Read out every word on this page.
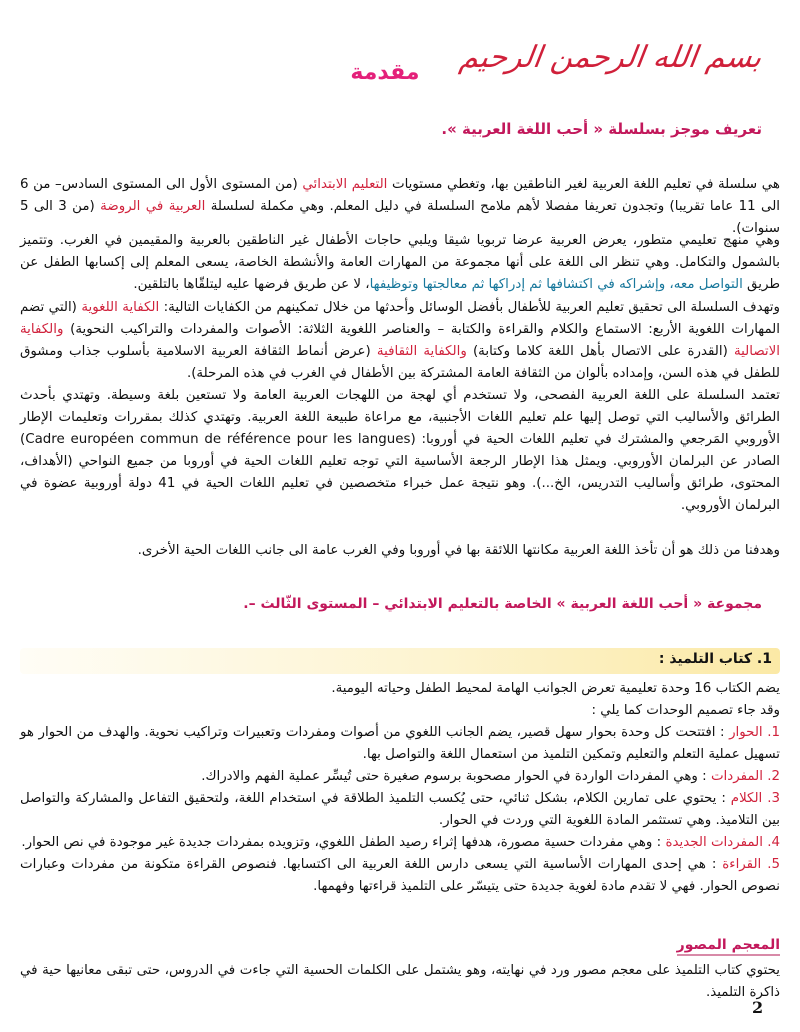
بسم الله الرحمن الرحيم
مقدمة
تعريف موجز بسلسلة « أحب اللغة العربية ».
هي سلسلة في تعليم اللغة العربية لغير الناطقين بها، وتغطي مستويات التعليم الابتدائي (من المستوى الأول الى المستوى السادس– من 6 الى 11 عاما تقريبا) وتجدون تعريفا مفصلا لأهم ملامح السلسلة في دليل المعلم. وهي مكملة لسلسلة العربية في الروضة (من 3 الى 5 سنوات).
وهي منهج تعليمي متطور، يعرض العربية عرضا تربويا شيقا ويلبي حاجات الأطفال غير الناطقين بالعربية والمقيمين في الغرب. وتتميز بالشمول والتكامل. وهي تنظر الى اللغة على أنها مجموعة من المهارات العامة والأنشطة الخاصة، يسعى المعلم إلى إكسابها الطفل عن طريق التواصل معه، وإشراكه في اكتشافها ثم إدراكها ثم معالجتها وتوظيفها، لا عن طريق فرضها عليه ليتلقّاها بالتلقين.
وتهدف السلسلة الى تحقيق تعليم العربية للأطفال بأفضل الوسائل وأحدثها من خلال تمكينهم من الكفايات التالية: الكفاية اللغوية (التي تضم المهارات اللغوية الأربع: الاستماع والكلام والقراءة والكتابة – والعناصر اللغوية الثلاثة: الأصوات والمفردات والتراكيب النحوية) والكفاية الاتصالية (القدرة على الاتصال بأهل اللغة كلاما وكتابة) والكفاية الثقافية (عرض أنماط الثقافة العربية الاسلامية بأسلوب جذاب ومشوق للطفل في هذه السن، وإمداده بألوان من الثقافة العامة المشتركة بين الأطفال في الغرب في هذه المرحلة).
تعتمد السلسلة على اللغة العربية الفصحى، ولا تستخدم أي لهجة من اللهجات العربية العامة ولا تستعين بلغة وسيطة. وتهتدي بأحدث الطرائق والأساليب التي توصل إليها علم تعليم اللغات الأجنبية، مع مراعاة طبيعة اللغة العربية. وتهتدي كذلك بمقررات وتعليمات الإطار الأوروبي المَرجعي والمشترك في تعليم اللغات الحية في أوروبا: (Cadre européen commun de référence pour les langues) الصادر عن البرلمان الأوروبي. ويمثل هذا الإطار الرجعة الأساسية التي توجه تعليم اللغات الحية في أوروبا من جميع النواحي (الأهداف، المحتوى، طرائق وأساليب التدريس، الخ...). وهو نتيجة عمل خبراء متخصصين في تعليم اللغات الحية في 41 دولة أوروبية عضوة في البرلمان الأوروبي.
وهدفنا من ذلك هو أن تأخذ اللغة العربية مكانتها اللائقة بها في أوروبا وفي الغرب عامة الى جانب اللغات الحية الأخرى.
مجموعة « أحب اللغة العربية » الخاصة بالتعليم الابتدائي – المستوى الثّالث –.
1. كتاب التلميذ :
يضم الكتاب 16 وحدة تعليمية تعرض الجوانب الهامة لمحيط الطفل وحياته اليومية.
وقد جاء تصميم الوحدات كما يلي :
1. الحوار : افتتحت كل وحدة بحوار سهل قصير، يضم الجانب اللغوي من أصوات ومفردات وتعبيرات وتراكيب نحوية. والهدف من الحوار هو تسهيل عملية التعلم والتعليم وتمكين التلميذ من استعمال اللغة والتواصل بها.
2. المفردات : وهي المفردات الواردة في الحوار مصحوبة برسوم صغيرة حتى تُيسِّر عملية الفهم والادراك.
3. الكلام : يحتوي على تمارين الكلام، بشكل ثنائي، حتى يُكسب التلميذ الطلاقة في استخدام اللغة، ولتحقيق التفاعل والمشاركة والتواصل بين التلاميذ. وهي تستثمر المادة اللغوية التي وردت في الحوار.
4. المفردات الجديدة : وهي مفردات حسية مصورة، هدفها إثراء رصيد الطفل اللغوي، وتزويده بمفردات جديدة غير موجودة في نص الحوار.
5. القراءة : هي إحدى المهارات الأساسية التي يسعى دارس اللغة العربية الى اكتسابها. فنصوص القراءة متكونة من مفردات وعبارات نصوص الحوار. فهي لا تقدم مادة لغوية جديدة حتى يتيسّر على التلميذ قراءتها وفهمها.
المعجم المصور
يحتوي كتاب التلميذ على معجم مصور ورد في نهايته، وهو يشتمل على الكلمات الحسية التي جاءت في الدروس، حتى تبقى معانيها حية في ذاكرة التلميذ.
2
